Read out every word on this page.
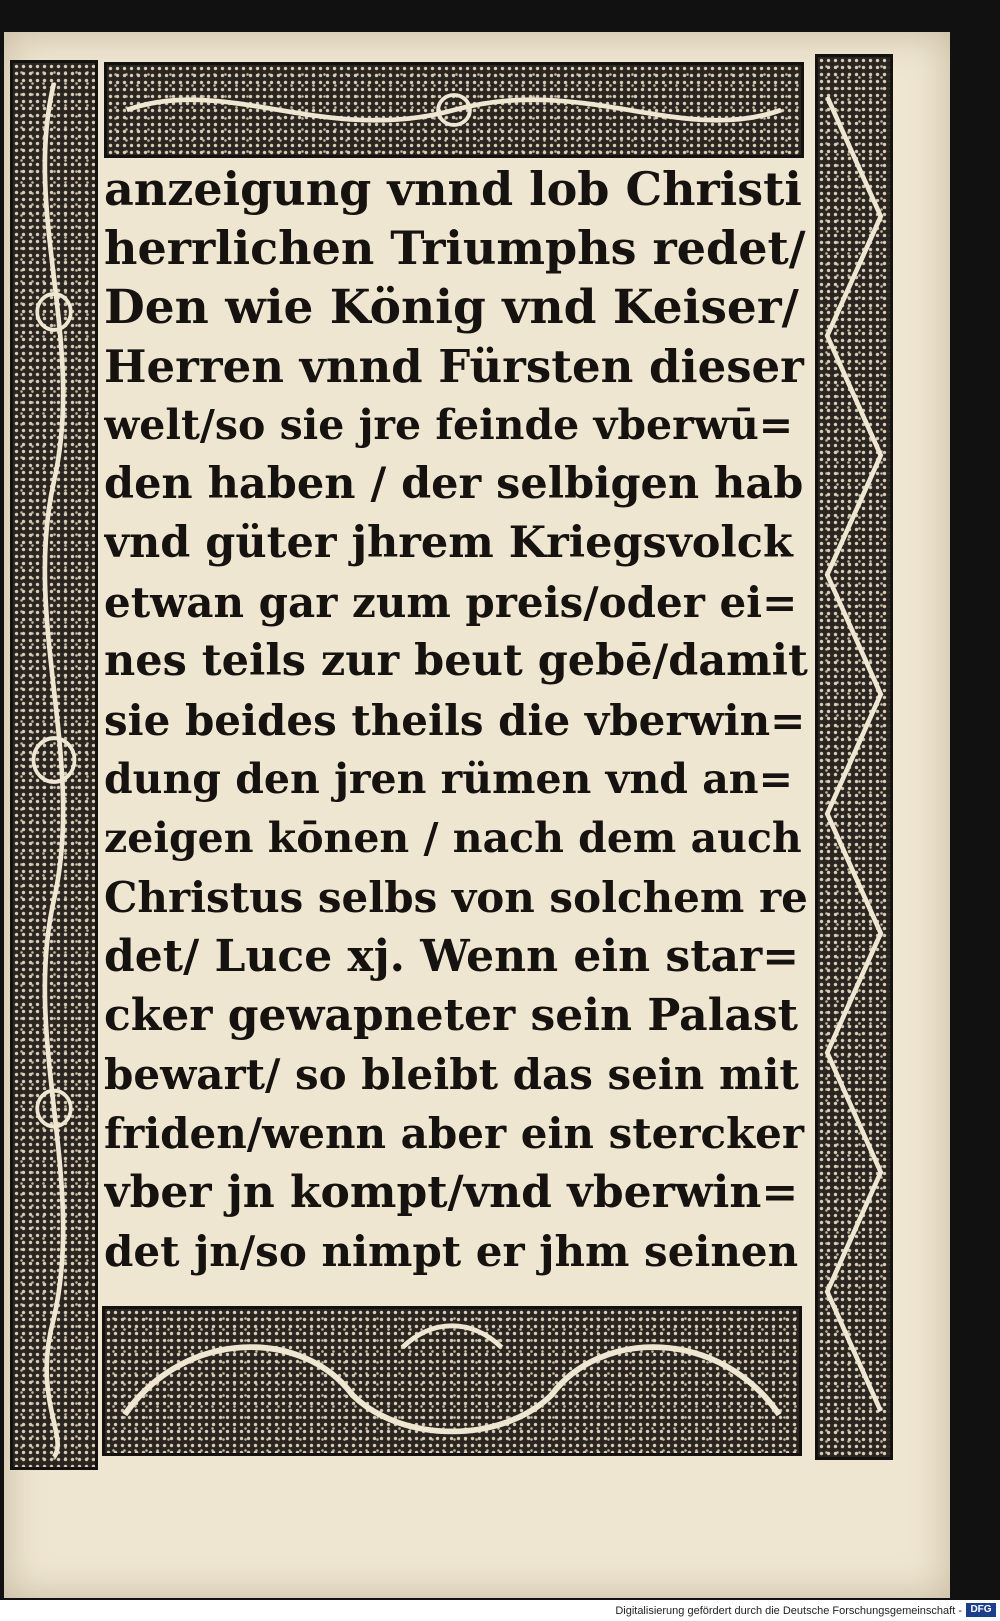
anzeigung vnnd lob Christi
herrlichen Triumphs redet/
Den wie König vnd Keiser/
Herren vnnd Fürsten dieser
welt/so sie jre feinde vberwū=
den haben / der selbigen hab
vnd güter jhrem Kriegsvolck
etwan gar zum preis/oder ei=
nes teils zur beut gebē/damit
sie beides theils die vberwin=
dung den jren rümen vnd an=
zeigen kōnen / nach dem auch
Christus selbs von solchem re
det/ Luce xj. Wenn ein star=
cker gewapneter sein Palast
bewart/ so bleibt das sein mit
friden/wenn aber ein stercker
vber jn kompt/vnd vberwin=
det jn/so nimpt er jhm seinen
Digitalisierung gefördert durch die Deutsche Forschungsgemeinschaft - DFG
